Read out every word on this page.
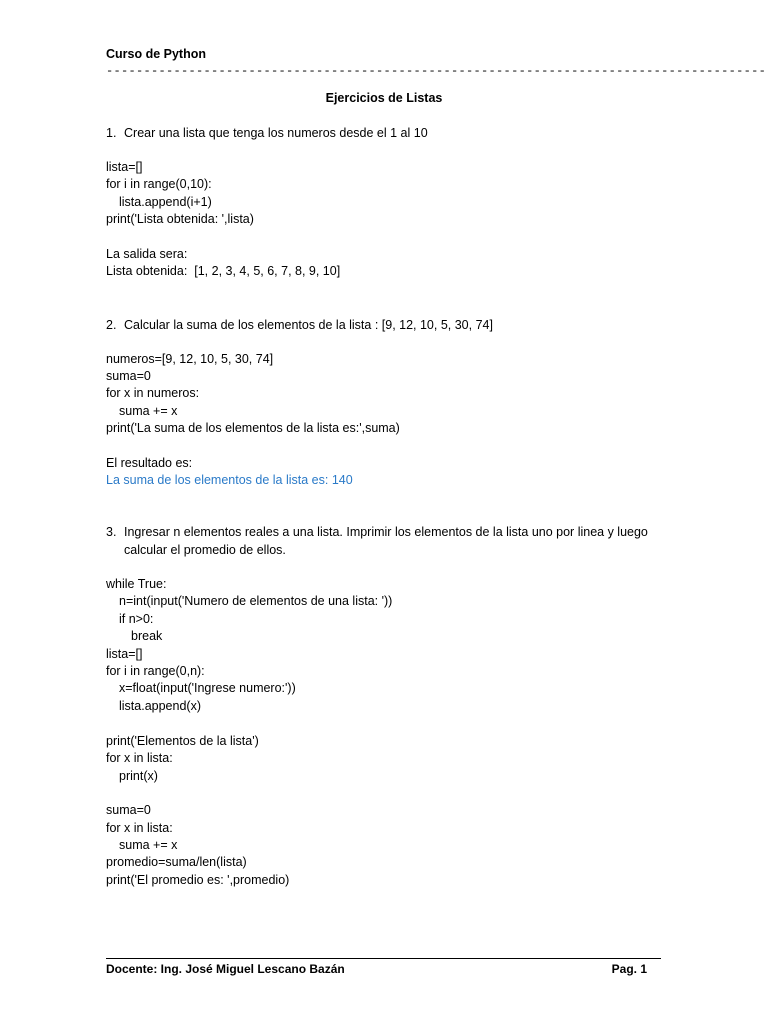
Curso de Python
----------------------------------------------------------------------------------------
Ejercicios de Listas
1. Crear una lista que tenga los numeros desde el 1 al 10
lista=[]
for i in range(0,10):
lista.append(i+1)
print('Lista obtenida: ',lista)
La salida sera:
Lista obtenida:  [1, 2, 3, 4, 5, 6, 7, 8, 9, 10]
2. Calcular la suma de los elementos de la lista : [9, 12, 10, 5, 30, 74]
numeros=[9, 12, 10, 5, 30, 74]
suma=0
for x in numeros:
suma += x
print('La suma de los elementos de la lista es:',suma)
El resultado es:
La suma de los elementos de la lista es: 140
3. Ingresar n elementos reales a una lista. Imprimir los elementos de la lista uno por linea y luego
calcular el promedio de ellos.
while True:
n=int(input('Numero de elementos de una lista: '))
if n>0:
break
lista=[]
for i in range(0,n):
x=float(input('Ingrese numero:'))
lista.append(x)
print('Elementos de la lista')
for x in lista:
print(x)
suma=0
for x in lista:
suma += x
promedio=suma/len(lista)
print('El promedio es: ',promedio)
Docente: Ing. José Miguel Lescano Bazán	Pag. 1
